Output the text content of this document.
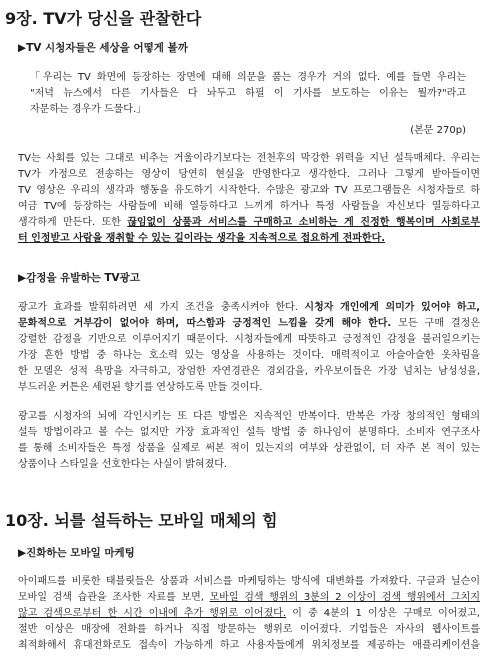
9장. TV가 당신을 관찰한다
▶TV 시청자들은 세상을 어떻게 볼까
「우리는 TV 화면에 등장하는 장면에 대해 의문을 품는 경우가 거의 없다. 예를 들면 우리는
"저녁 뉴스에서 다른 기사들은 다 놔두고 하필 이 기사를 보도하는 이유는 뭘까?"라고
자문하는 경우가 드물다.」
(본문 270p)
TV는 사회를 있는 그대로 비추는 거울이라기보다는 전천후의 막강한 위력을 지닌 설득매체다. 우리는
TV가 가정으로 전송하는 영상이 당연히 현실을 반영한다고 생각한다. 그러나 그렇게 받아들이면
TV 영상은 우리의 생각과 행동을 유도하기 시작한다. 수많은 광고와 TV 프로그램들은 시청자들로 하
여금 TV에 등장하는 사람들에 비해 열등하다고 느끼게 하거나 특정 사람들을 자신보다 열등하다고
생각하게 만든다. 또한 끊임없이 상품과 서비스를 구매하고 소비하는 게 진정한 행복이며 사회로부
터 인정받고 사람을 쟁취할 수 있는 길이라는 생각을 지속적으로 접요하게 전파한다.
▶감정을 유발하는 TV광고
광고가 효과를 발휘하려면 세 가지 조건을 충족시켜야 한다. 시청자 개인에게 의미가 있어야 하고,
문화적으로 거부감이 없어야 하며, 따스함과 긍정적인 느낌을 갖게 해야 한다. 모든 구매 결정은
강렬한 감정을 기반으로 이루어지기 때문이다. 시청자들에게 따뜻하고 긍정적인 감정을 불러일으키는
가장 흔한 방법 중 하나는 호소력 있는 영상을 사용하는 것이다. 매력적이고 아슬아슬한 옷차림을
한 모델은 성적 욕망을 자극하고, 장엄한 자연경관은 경외감을, 카우보이들은 가장 넘치는 남성성을,
부드러운 커튼은 세련된 향기를 연상하도록 만들 것이다.
광고를 시청자의 뇌에 각인시키는 또 다른 방법은 지속적인 반복이다. 반복은 가장 창의적인 형태의
설득 방법이라고 볼 수는 없지만 가장 효과적인 설득 방법 중 하나임이 분명하다. 소비자 연구조사
를 통해 소비자들은 특정 상품을 실제로 써본 적이 있는지의 여부와 상관없이, 더 자주 본 적이 있는
상품이나 스타일을 선호한다는 사실이 밝혀졌다.
10장. 뇌를 설득하는 모바일 매체의 힘
▶진화하는 모바일 마케팅
아이패드를 비롯한 태블릿들은 상품과 서비스를 마케팅하는 방식에 대변화를 가져왔다. 구글과 닐슨이
모바일 검색 습관을 조사한 자료를 보면, 모바일 검색 행위의 3분의 2 이상이 검색 행위에서 그치지
않고 검색으로부터 한 시간 이내에 추가 행위로 이어졌다. 이 중 4분의 1 이상은 구매로 이어졌고,
절반 이상은 매장에 전화를 하거나 직접 방문하는 행위로 이어졌다. 기업들은 자사의 웹사이트를
최적화해서 휴대전화로도 접속이 가능하게 하고 사용자들에게 위치정보를 제공하는 애플리케이션을
